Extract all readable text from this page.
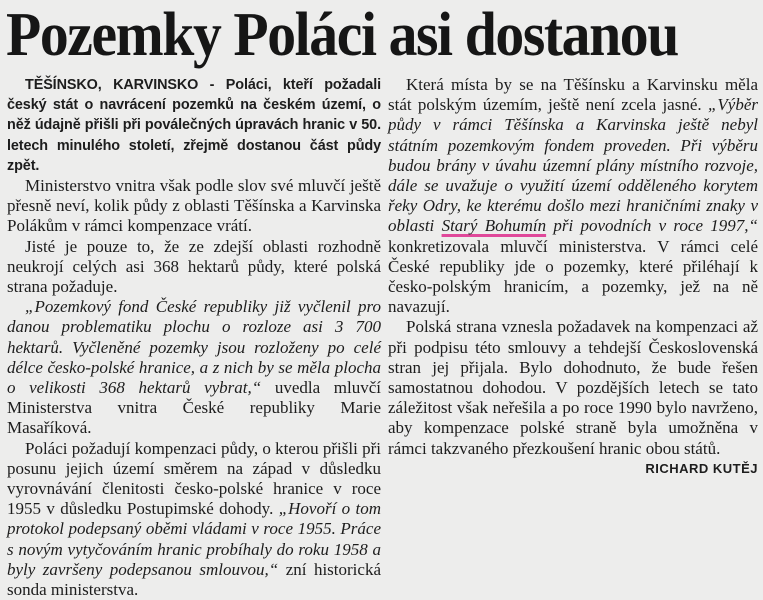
Pozemky Poláci asi dostanou

TĚŠÍNSKO, KARVINSKO - Poláci, kteří požadali český stát o navrácení pozemků na českém území, o něž údajně přišli při poválečných úpravách hranic v 50. letech minulého století, zřejmě dostanou část půdy zpět.

Ministerstvo vnitra však podle slov své mluvčí ještě přesně neví, kolik půdy z oblasti Těšínska a Karvinska Polákům v rámci kompenzace vrátí.

Jisté je pouze to, že ze zdejší oblasti rozhodně neukrojí celých asi 368 hektarů půdy, které polská strana požaduje.

„Pozemkový fond České republiky již vyčlenil pro danou problematiku plochu o rozloze asi 3 700 hektarů. Vyčleněné pozemky jsou rozloženy po celé délce česko-polské hranice, a z nich by se měla plocha o velikosti 368 hektarů vybrat,“ uvedla mluvčí Ministerstva vnitra České republiky Marie Masaříková.

Poláci požadují kompenzaci půdy, o kterou přišli při posunu jejich území směrem na západ v důsledku vyrovnávání členitosti česko-polské hranice v roce 1955 v důsledku Postupimské dohody. „Hovoří o tom protokol podepsaný oběmi vládami v roce 1955. Práce s novým vytyčováním hranic probíhaly do roku 1958 a byly završeny podepsanou smlouvou,“ zní historická sonda ministerstva.

Která místa by se na Těšínsku a Karvinsku měla stát polským územím, ještě není zcela jasné. „Výběr půdy v rámci Těšínska a Karvinska ještě nebyl státním pozemkovým fondem proveden. Při výběru budou brány v úvahu územní plány místního rozvoje, dále se uvažuje o využití území odděleného korytem řeky Odry, ke kterému došlo mezi hraničními znaky v oblasti Starý Bohumín při povodních v roce 1997,“ konkretizovala mluvčí ministerstva. V rámci celé České republiky jde o pozemky, které přiléhají k česko-polským hranicím, a pozemky, jež na ně navazují.

Polská strana vznesla požadavek na kompenzaci až při podpisu této smlouvy a tehdejší Československá stran jej přijala. Bylo dohodnuto, že bude řešen samostatnou dohodou. V pozdějších letech se tato záležitost však neřešila a po roce 1990 bylo navrženo, aby kompenzace polské straně byla umožněna v rámci takzvaného přezkoušení hranic obou států.

RICHARD KUTĚJ
